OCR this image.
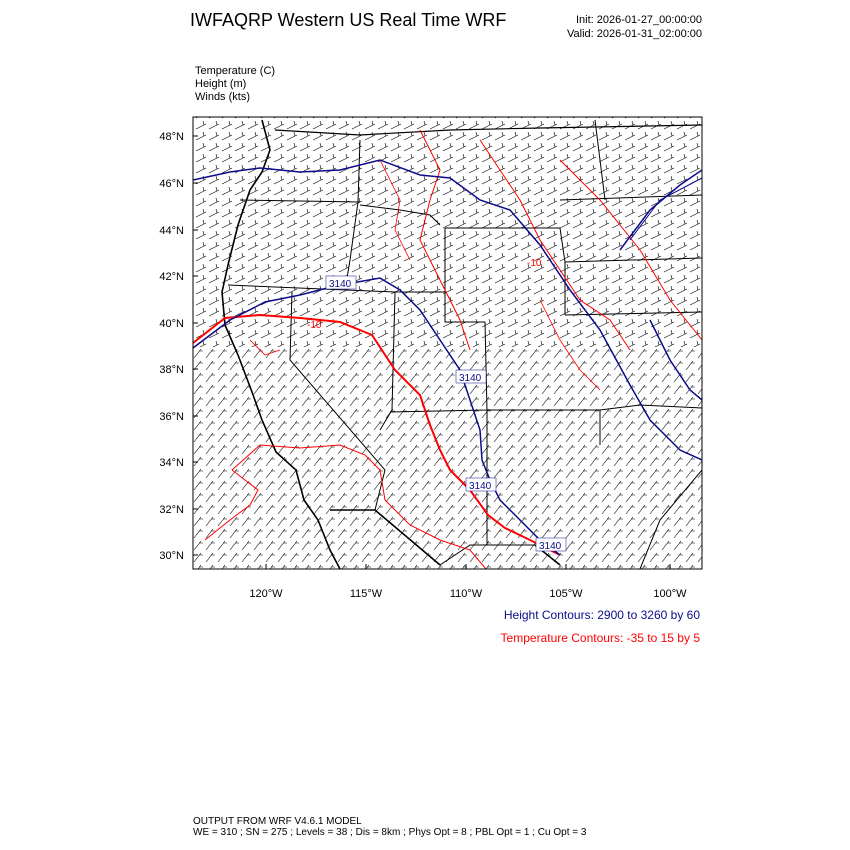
IWFAQRP Western US Real Time WRF	Init: 2026-01-27_00:00:00
Valid: 2026-01-31_02:00:00
Temperature (C)
Height (m)
Winds (kts)
3140
3140
3140
3140
-10
-10
48°N
46°N
44°N
42°N
40°N
38°N
36°N
34°N
32°N
30°N
120°W	115°W	110°W	105°W	100°W
Height Contours: 2900 to 3260 by 60
Temperature Contours: -35 to 15 by 5
OUTPUT FROM WRF V4.6.1 MODEL
WE = 310 ; SN = 275 ; Levels = 38 ; Dis = 8km ; Phys Opt = 8 ; PBL Opt = 1 ; Cu Opt = 3
